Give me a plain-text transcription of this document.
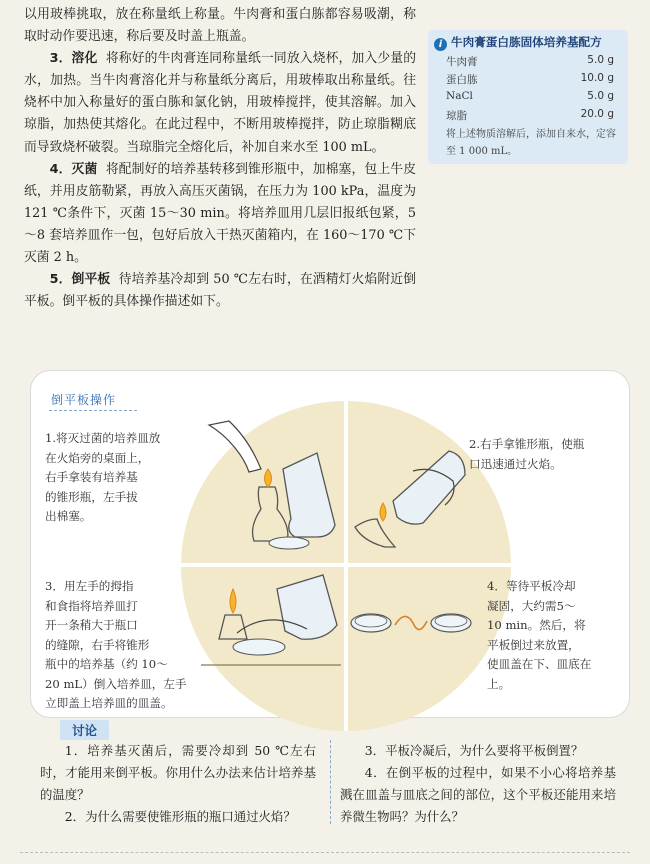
以用玻棒挑取，放在称量纸上称量。牛肉膏和蛋白胨都容易吸潮，称取时动作要迅速，称后要及时盖上瓶盖。

3．溶化 将称好的牛肉膏连同称量纸一同放入烧杯，加入少量的水，加热。当牛肉膏溶化并与称量纸分离后，用玻棒取出称量纸。往烧杯中加入称量好的蛋白胨和氯化钠，用玻棒搅拌，使其溶解。加入琼脂，加热使其熔化。在此过程中，不断用玻棒搅拌，防止琼脂糊底而导致烧杯破裂。当琼脂完全熔化后，补加自来水至 100 mL。

4．灭菌 将配制好的培养基转移到锥形瓶中，加棉塞，包上牛皮纸，并用皮筋勒紧，再放入高压灭菌锅，在压力为 100 kPa，温度为 121 ℃条件下，灭菌 15～30 min。将培养皿用几层旧报纸包紧，5～8 套培养皿作一包，包好后放入干热灭菌箱内，在 160～170 ℃下灭菌 2 h。

5．倒平板 待培养基冷却到 50 ℃左右时，在酒精灯火焰附近倒平板。倒平板的具体操作描述如下。

i 牛肉膏蛋白胨固体培养基配方
牛肉膏	5.0 g
蛋白胨	10.0 g
NaCl	5.0 g
琼脂	20.0 g
将上述物质溶解后，添加自来水，定容至 1 000 mL。
倒平板操作
1.将灭过菌的培养皿放
在火焰旁的桌面上，
右手拿装有培养基
的锥形瓶，左手拔
出棉塞。
2.右手拿锥形瓶，使瓶
口迅速通过火焰。
3．用左手的拇指
和食指将培养皿打
开一条稍大于瓶口
的缝隙，右手将锥形
瓶中的培养基（约 10～
20 mL）倒入培养皿，左手
立即盖上培养皿的皿盖。
4．等待平板冷却
凝固，大约需5～
10 min。然后，将
平板倒过来放置，
使皿盖在下、皿底在
上。
讨论

1．培养基灭菌后，需要冷却到 50 ℃左右时，才能用来倒平板。你用什么办法来估计培养基的温度？

2．为什么需要使锥形瓶的瓶口通过火焰？

3．平板冷凝后，为什么要将平板倒置？

4．在倒平板的过程中，如果不小心将培养基溅在皿盖与皿底之间的部位，这个平板还能用来培养微生物吗？为什么？
